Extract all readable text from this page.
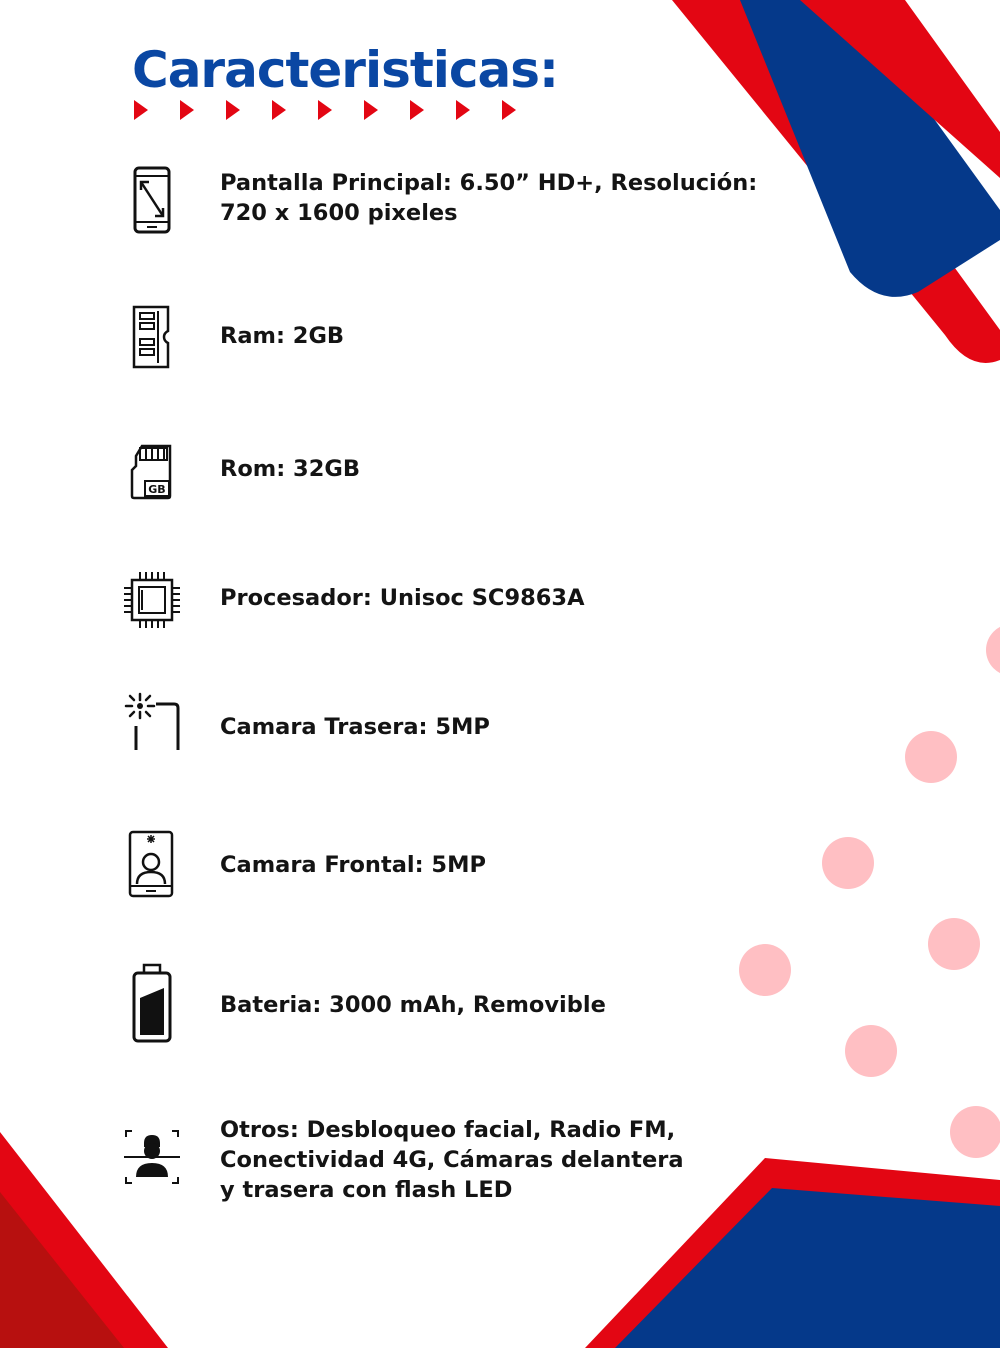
Caracteristicas:
Pantalla Principal: 6.50” HD+, Resolución:
720 x 1600 pixeles
Ram: 2GB
GB
Rom: 32GB
Procesador: Unisoc SC9863A
Camara Trasera: 5MP
Camara Frontal: 5MP
Bateria: 3000 mAh, Removible
Otros: Desbloqueo facial, Radio FM,
Conectividad 4G, Cámaras delantera
y trasera con flash LED
